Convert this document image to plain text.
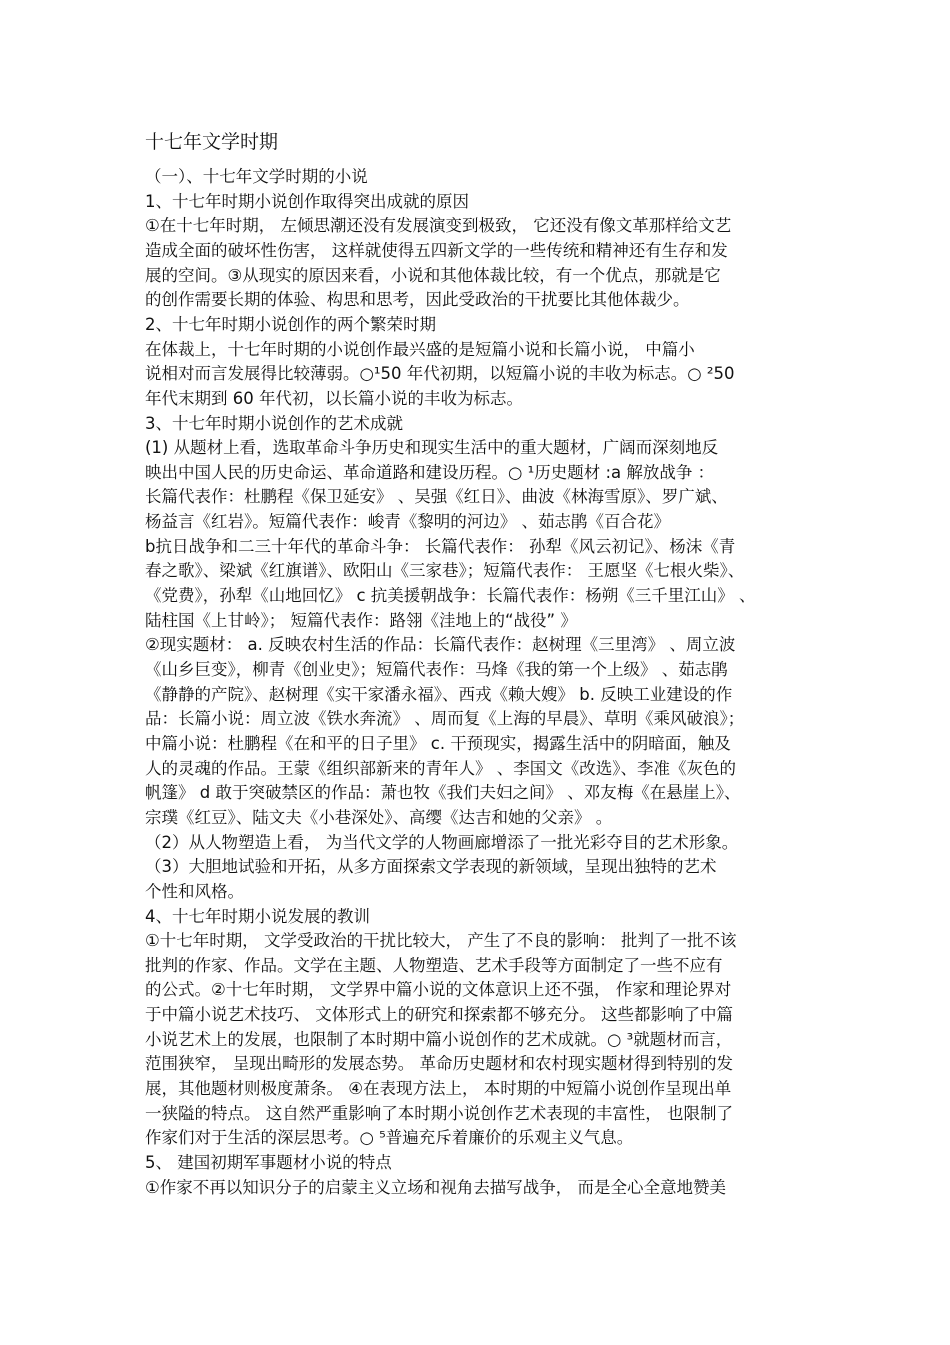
十七年文学时期
（一）、十七年文学时期的小说
1、十七年时期小说创作取得突出成就的原因
①在十七年时期， 左倾思潮还没有发展演变到极致， 它还没有像文革那样给文艺
造成全面的破坏性伤害， 这样就使得五四新文学的一些传统和精神还有生存和发
展的空间。③从现实的原因来看，小说和其他体裁比较，有一个优点，那就是它
的创作需要长期的体验、构思和思考，因此受政治的干扰要比其他体裁少。
2、十七年时期小说创作的两个繁荣时期
在体裁上，十七年时期的小说创作最兴盛的是短篇小说和长篇小说， 中篇小
说相对而言发展得比较薄弱。○¹50 年代初期，以短篇小说的丰收为标志。○ ²50
年代末期到 60 年代初，以长篇小说的丰收为标志。
3、十七年时期小说创作的艺术成就
(1) 从题材上看，选取革命斗争历史和现实生活中的重大题材，广阔而深刻地反
映出中国人民的历史命运、革命道路和建设历程。○ ¹历史题材 :a 解放战争 ：
长篇代表作：杜鹏程《保卫延安》 、吴强《红日》、曲波《林海雪原》、罗广斌、
杨益言《红岩》。短篇代表作：峻青《黎明的河边》 、茹志鹃《百合花》
b抗日战争和二三十年代的革命斗争： 长篇代表作： 孙犁《风云初记》、杨沫《青
春之歌》、梁斌《红旗谱》、欧阳山《三家巷》；短篇代表作： 王愿坚《七根火柴》、
《党费》，孙犁《山地回忆》 c 抗美援朝战争：长篇代表作：杨朔《三千里江山》 、
陆柱国《上甘岭》； 短篇代表作：路翎《洼地上的“战役” 》
②现实题材： a. 反映农村生活的作品：长篇代表作：赵树理《三里湾》 、周立波
《山乡巨变》，柳青《创业史》；短篇代表作：马烽《我的第一个上级》 、茹志鹃
《静静的产院》、赵树理《实干家潘永福》、西戎《赖大嫂》 b. 反映工业建设的作
品：长篇小说：周立波《铁水奔流》 、周而复《上海的早晨》、草明《乘风破浪》；
中篇小说：杜鹏程《在和平的日子里》 c. 干预现实，揭露生活中的阴暗面，触及
人的灵魂的作品。王蒙《组织部新来的青年人》 、李国文《改选》、李准《灰色的
帆篷》 d 敢于突破禁区的作品：萧也牧《我们夫妇之间》 、邓友梅《在悬崖上》、
宗璞《红豆》、陆文夫《小巷深处》、高缨《达吉和她的父亲》 。
（2）从人物塑造上看， 为当代文学的人物画廊增添了一批光彩夺目的艺术形象。
（3）大胆地试验和开拓，从多方面探索文学表现的新领域，呈现出独特的艺术
个性和风格。
4、十七年时期小说发展的教训
①十七年时期， 文学受政治的干扰比较大， 产生了不良的影响： 批判了一批不该
批判的作家、作品。文学在主题、人物塑造、艺术手段等方面制定了一些不应有
的公式。②十七年时期， 文学界中篇小说的文体意识上还不强， 作家和理论界对
于中篇小说艺术技巧、 文体形式上的研究和探索都不够充分。 这些都影响了中篇
小说艺术上的发展，也限制了本时期中篇小说创作的艺术成就。○ ³就题材而言，
范围狭窄， 呈现出畸形的发展态势。 革命历史题材和农村现实题材得到特别的发
展，其他题材则极度萧条。 ④在表现方法上， 本时期的中短篇小说创作呈现出单
一狭隘的特点。 这自然严重影响了本时期小说创作艺术表现的丰富性， 也限制了
作家们对于生活的深层思考。○ ⁵普遍充斥着廉价的乐观主义气息。
5、 建国初期军事题材小说的特点
①作家不再以知识分子的启蒙主义立场和视角去描写战争， 而是全心全意地赞美
